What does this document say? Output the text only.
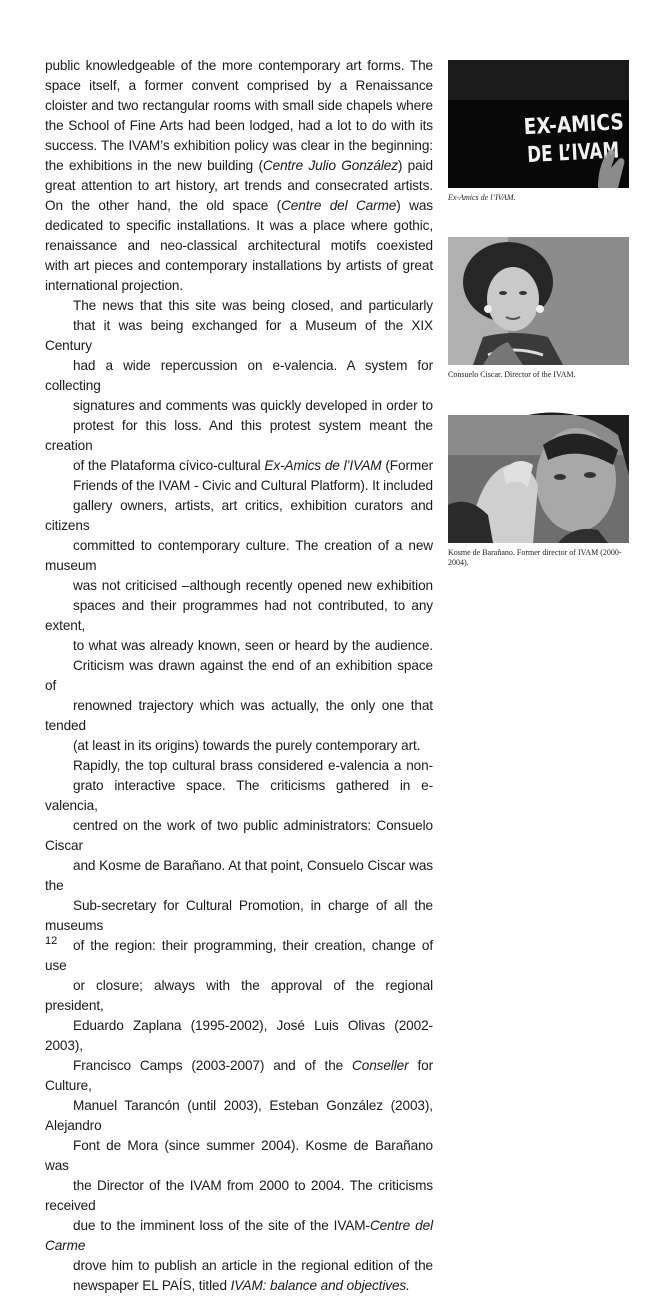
public knowledgeable of the more contemporary art forms. The
space itself, a former convent comprised by a Renaissance
cloister and two rectangular rooms with small side chapels where
the School of Fine Arts had been lodged, had a lot to do with its
success. The IVAM’s exhibition policy was clear in the beginning:
the exhibitions in the new building (Centre Julio González) paid
great attention to art history, art trends and consecrated artists.
On the other hand, the old space (Centre del Carme) was
dedicated to specific installations. It was a place where gothic,
renaissance and neo-classical architectural motifs coexisted
with art pieces and contemporary installations by artists of great
international projection.

The news that this site was being closed, and particularly
that it was being exchanged for a Museum of the XIX Century
had a wide repercussion on e-valencia. A system for collecting
signatures and comments was quickly developed in order to
protest for this loss. And this protest system meant the creation
of the Plataforma cívico-cultural Ex-Amics de l’IVAM (Former
Friends of the IVAM - Civic and Cultural Platform). It included
gallery owners, artists, art critics, exhibition curators and citizens
committed to contemporary culture. The creation of a new museum
was not criticised –although recently opened new exhibition
spaces and their programmes had not contributed, to any extent,
to what was already known, seen or heard by the audience.
Criticism was drawn against the end of an exhibition space of
renowned trajectory which was actually, the only one that tended
(at least in its origins) towards the purely contemporary art.

Rapidly, the top cultural brass considered e-valencia a non-
grato interactive space. The criticisms gathered in e-valencia,
centred on the work of two public administrators: Consuelo Ciscar
and Kosme de Barañano. At that point, Consuelo Ciscar was the
Sub-secretary for Cultural Promotion, in charge of all the museums
of the region: their programming, their creation, change of use
or closure; always with the approval of the regional president,
Eduardo Zaplana (1995-2002), José Luis Olivas (2002-2003),
Francisco Camps (2003-2007) and of the Conseller for Culture,
Manuel Tarancón (until 2003), Esteban González (2003), Alejandro
Font de Mora (since summer 2004). Kosme de Barañano was
the Director of the IVAM from 2000 to 2004. The criticisms received
due to the imminent loss of the site of the IVAM-Centre del Carme
drove him to publish an article in the regional edition of the
newspaper EL PAÍS, titled IVAM: balance and objectives.

EX-AMICS
DE L’IVAM
Ex-Amics de l’IVAM.
Consuelo Ciscar. Director of the IVAM.
Kosme de Barañano. Former director of IVAM (2000-2004).
12
